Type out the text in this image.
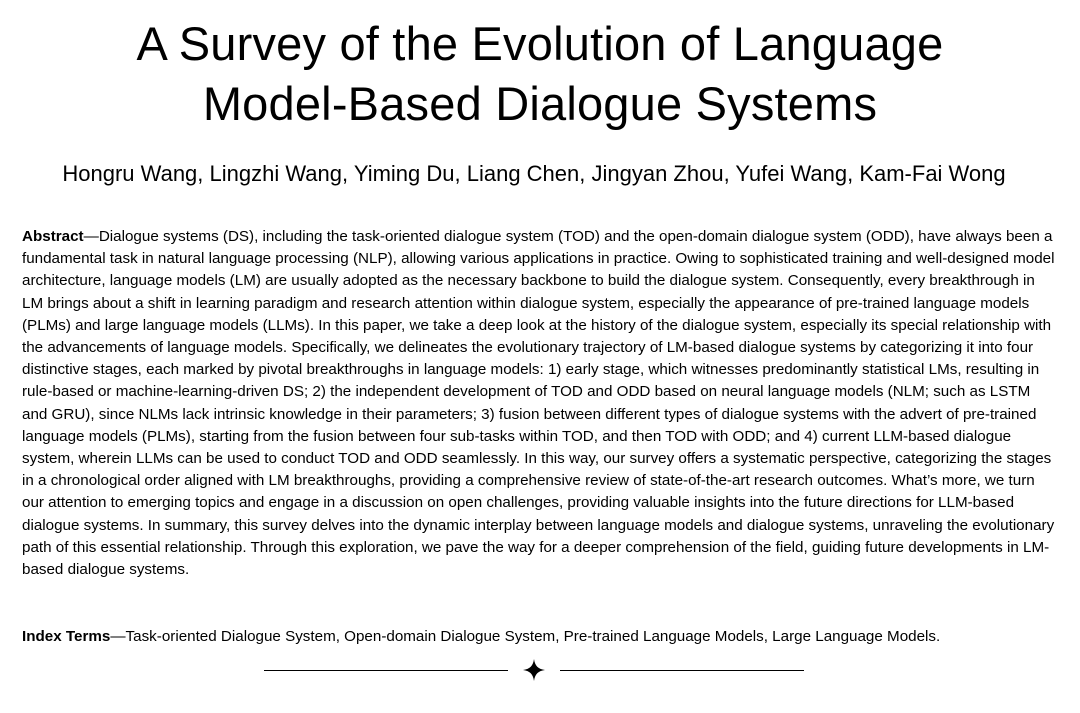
A Survey of the Evolution of Language
Model-Based Dialogue Systems
Hongru Wang, Lingzhi Wang, Yiming Du, Liang Chen, Jingyan Zhou, Yufei Wang, Kam-Fai Wong

Abstract—Dialogue systems (DS), including the task-oriented dialogue system (TOD) and the open-domain dialogue system (ODD), have always been a fundamental task in natural language processing (NLP), allowing various applications in practice. Owing to sophisticated training and well-designed model architecture, language models (LM) are usually adopted as the necessary backbone to build the dialogue system. Consequently, every breakthrough in LM brings about a shift in learning paradigm and research attention within dialogue system, especially the appearance of pre-trained language models (PLMs) and large language models (LLMs). In this paper, we take a deep look at the history of the dialogue system, especially its special relationship with the advancements of language models. Specifically, we delineates the evolutionary trajectory of LM-based dialogue systems by categorizing it into four distinctive stages, each marked by pivotal breakthroughs in language models: 1) early stage, which witnesses predominantly statistical LMs, resulting in rule-based or machine-learning-driven DS; 2) the independent development of TOD and ODD based on neural language models (NLM; such as LSTM and GRU), since NLMs lack intrinsic knowledge in their parameters; 3) fusion between different types of dialogue systems with the advert of pre-trained language models (PLMs), starting from the fusion between four sub-tasks within TOD, and then TOD with ODD; and 4) current LLM-based dialogue system, wherein LLMs can be used to conduct TOD and ODD seamlessly. In this way, our survey offers a systematic perspective, categorizing the stages in a chronological order aligned with LM breakthroughs, providing a comprehensive review of state-of-the-art research outcomes. What’s more, we turn our attention to emerging topics and engage in a discussion on open challenges, providing valuable insights into the future directions for LLM-based dialogue systems. In summary, this survey delves into the dynamic interplay between language models and dialogue systems, unraveling the evolutionary path of this essential relationship. Through this exploration, we pave the way for a deeper comprehension of the field, guiding future developments in LM-based dialogue systems.

Index Terms—Task-oriented Dialogue System, Open-domain Dialogue System, Pre-trained Language Models, Large Language Models.
